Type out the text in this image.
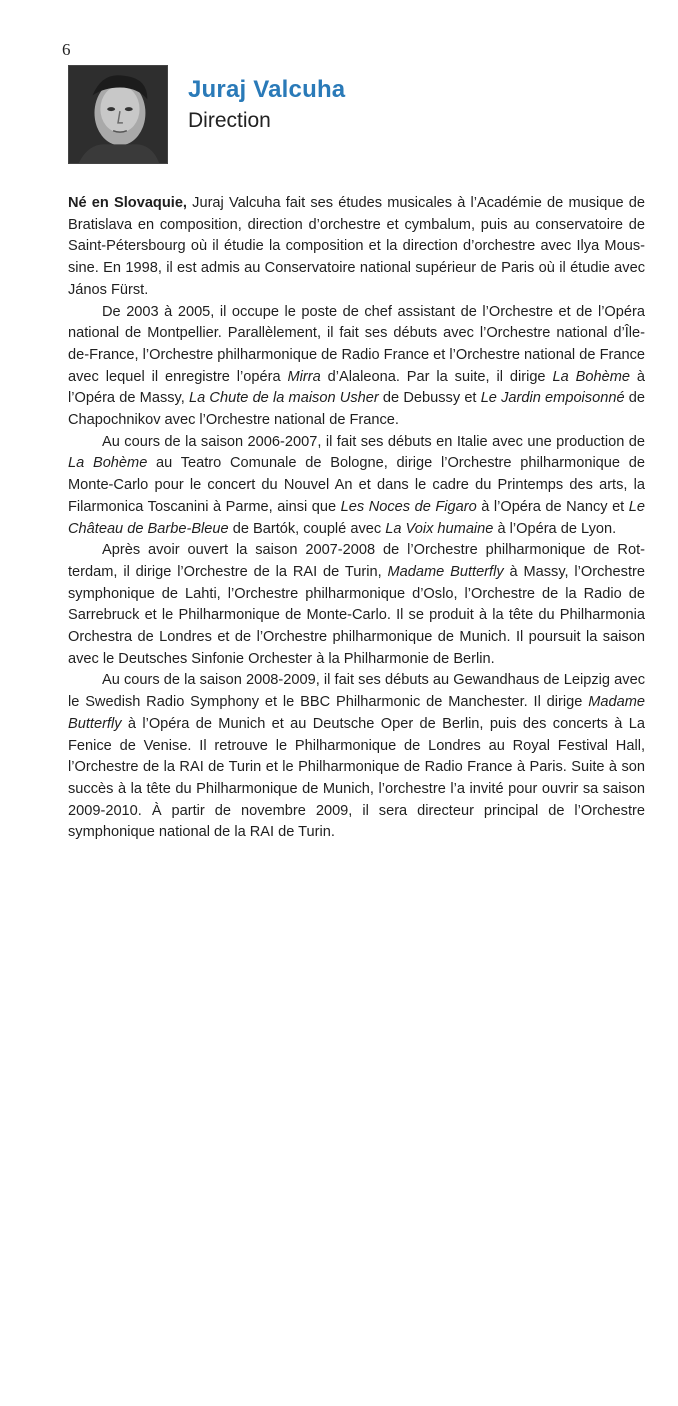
6
Juraj Valcuha
Direction

Né en Slovaquie, Juraj Valcuha fait ses études musicales à l’Académie de musique de Bratislava en composition, direction d’orchestre et cymbalum, puis au conservatoire de Saint-Pétersbourg où il étudie la composition et la direction d’orchestre avec Ilya Moussine. En 1998, il est admis au Conservatoire national supérieur de Paris où il étudie avec János Fürst.

De 2003 à 2005, il occupe le poste de chef assistant de l’Orchestre et de l’Opéra national de Montpellier. Parallèlement, il fait ses débuts avec l’Orchestre national d’Île-de-France, l’Orchestre philharmonique de Radio France et l’Orchestre national de France avec lequel il enregistre l’opéra Mirra d’Alaleona. Par la suite, il dirige La Bohème à l’Opéra de Massy, La Chute de la maison Usher de Debussy et Le Jardin empoisonné de Chapochnikov avec l’Orchestre national de France.

Au cours de la saison 2006-2007, il fait ses débuts en Italie avec une production de La Bohème au Teatro Comunale de Bologne, dirige l’Orchestre philharmonique de Monte-Carlo pour le concert du Nouvel An et dans le cadre du Printemps des arts, la Filarmonica Toscanini à Parme, ainsi que Les Noces de Figaro à l’Opéra de Nancy et Le Château de Barbe-Bleue de Bartók, couplé avec La Voix humaine à l’Opéra de Lyon.

Après avoir ouvert la saison 2007-2008 de l’Orchestre philharmonique de Rotterdam, il dirige l’Orchestre de la RAI de Turin, Madame Butterfly à Massy, l’Orchestre symphonique de Lahti, l’Orchestre philharmonique d’Oslo, l’Orchestre de la Radio de Sarrebruck et le Philharmonique de Monte-Carlo. Il se produit à la tête du Philharmonia Orchestra de Londres et de l’Orchestre philharmonique de Munich. Il poursuit la saison avec le Deutsches Sinfonie Orchester à la Philharmonie de Berlin.

Au cours de la saison 2008-2009, il fait ses débuts au Gewandhaus de Leipzig avec le Swedish Radio Symphony et le BBC Philharmonic de Manchester. Il dirige Madame Butterfly à l’Opéra de Munich et au Deutsche Oper de Berlin, puis des concerts à La Fenice de Venise. Il retrouve le Philharmonique de Londres au Royal Festival Hall, l’Orchestre de la RAI de Turin et le Philharmonique de Radio France à Paris. Suite à son succès à la tête du Philharmonique de Munich, l’orchestre l’a invité pour ouvrir sa saison 2009-2010. À partir de novembre 2009, il sera directeur principal de l’Orchestre symphonique national de la RAI de Turin.
